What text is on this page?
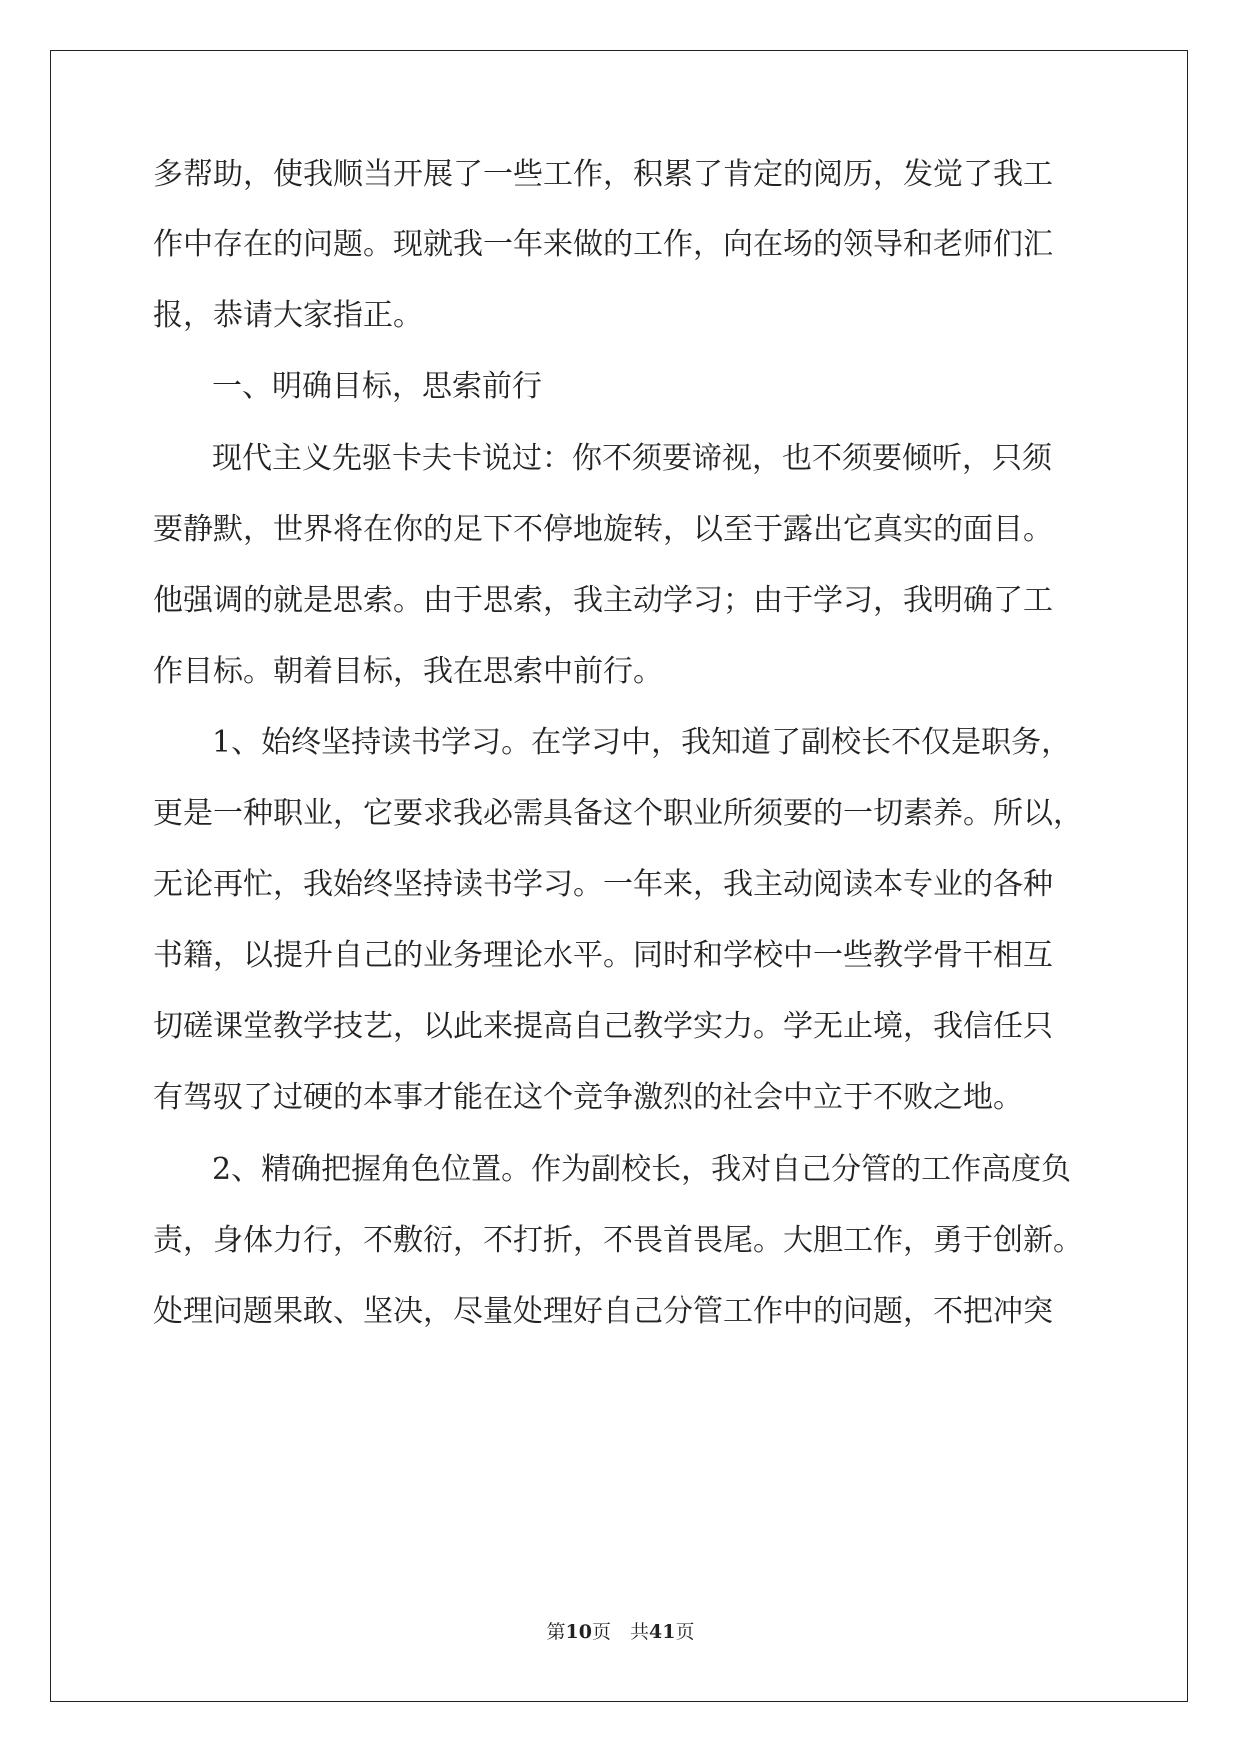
多帮助，使我顺当开展了一些工作，积累了肯定的阅历，发觉了我工
作中存在的问题。现就我一年来做的工作，向在场的领导和老师们汇
报，恭请大家指正。
一、明确目标，思索前行
现代主义先驱卡夫卡说过：你不须要谛视，也不须要倾听，只须
要静默，世界将在你的足下不停地旋转，以至于露出它真实的面目。
他强调的就是思索。由于思索，我主动学习；由于学习，我明确了工
作目标。朝着目标，我在思索中前行。
1、始终坚持读书学习。在学习中，我知道了副校长不仅是职务，
更是一种职业，它要求我必需具备这个职业所须要的一切素养。所以，
无论再忙，我始终坚持读书学习。一年来，我主动阅读本专业的各种
书籍，以提升自己的业务理论水平。同时和学校中一些教学骨干相互
切磋课堂教学技艺，以此来提高自己教学实力。学无止境，我信任只
有驾驭了过硬的本事才能在这个竞争激烈的社会中立于不败之地。
2、精确把握角色位置。作为副校长，我对自己分管的工作高度负
责，身体力行，不敷衍，不打折，不畏首畏尾。大胆工作，勇于创新。
处理问题果敢、坚决，尽量处理好自己分管工作中的问题，不把冲突
第10页　共41页
